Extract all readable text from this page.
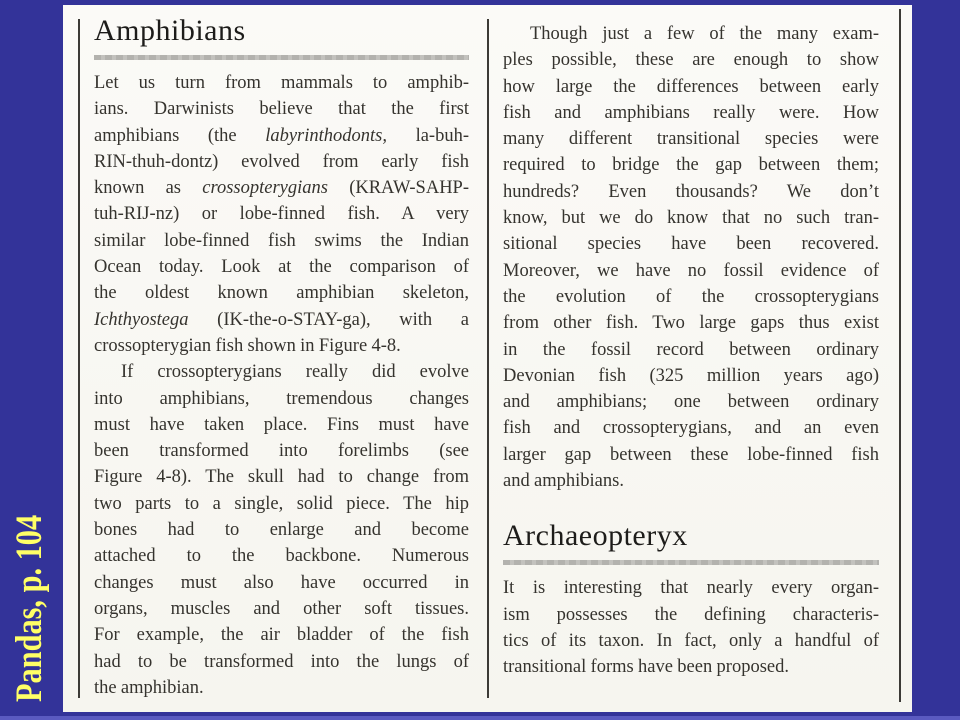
Pandas, p. 104
Amphibians
Let us turn from mammals to amphib-
ians. Darwinists believe that the first
amphibians (the labyrinthodonts, la-buh-
RIN-thuh-dontz) evolved from early fish
known as crossopterygians (KRAW-SAHP-
tuh-RIJ-nz) or lobe-finned fish. A very
similar lobe-finned fish swims the Indian
Ocean today. Look at the comparison of
the oldest known amphibian skeleton,
Ichthyostega (IK-the-o-STAY-ga), with a
crossopterygian fish shown in Figure 4-8.
If crossopterygians really did evolve
into amphibians, tremendous changes
must have taken place. Fins must have
been transformed into forelimbs (see
Figure 4-8). The skull had to change from
two parts to a single, solid piece. The hip
bones had to enlarge and become
attached to the backbone. Numerous
changes must also have occurred in
organs, muscles and other soft tissues.
For example, the air bladder of the fish
had to be transformed into the lungs of
the amphibian.
Though just a few of the many exam-
ples possible, these are enough to show
how large the differences between early
fish and amphibians really were. How
many different transitional species were
required to bridge the gap between them;
hundreds? Even thousands? We don’t
know, but we do know that no such tran-
sitional species have been recovered.
Moreover, we have no fossil evidence of
the evolution of the crossopterygians
from other fish. Two large gaps thus exist
in the fossil record between ordinary
Devonian fish (325 million years ago)
and amphibians; one between ordinary
fish and crossopterygians, and an even
larger gap between these lobe-finned fish
and amphibians.
Archaeopteryx
It is interesting that nearly every organ-
ism possesses the defining characteris-
tics of its taxon. In fact, only a handful of
transitional forms have been proposed.
